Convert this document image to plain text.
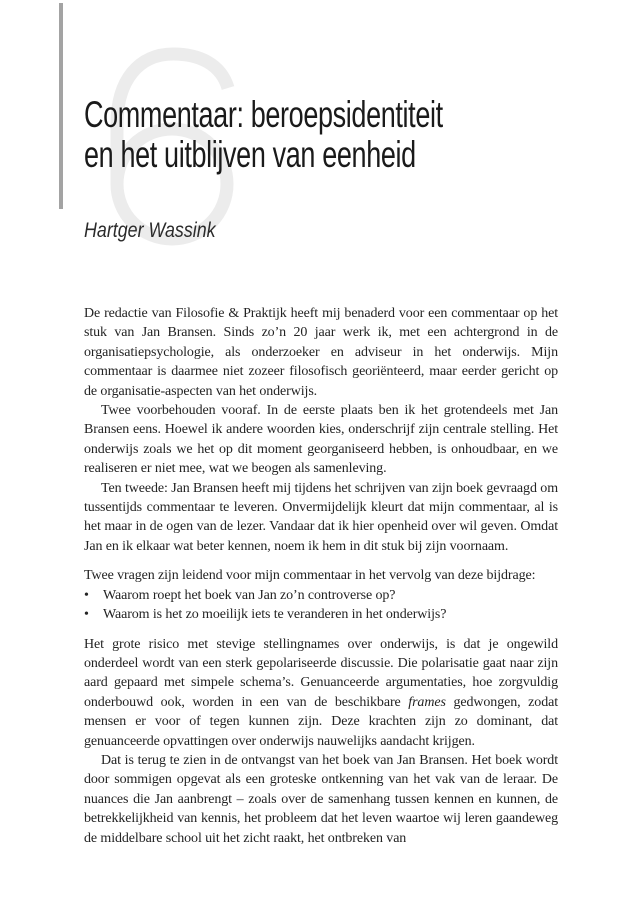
Commentaar: beroepsidentiteit
en het uitblijven van eenheid
Hartger Wassink

De redactie van Filosofie & Praktijk heeft mij benaderd voor een commentaar op het stuk van Jan Bransen. Sinds zo’n 20 jaar werk ik, met een achtergrond in de organisatiepsychologie, als onderzoeker en adviseur in het onderwijs. Mijn commentaar is daarmee niet zozeer filosofisch georiënteerd, maar eerder gericht op de organisatie-aspecten van het onderwijs.

Twee voorbehouden vooraf. In de eerste plaats ben ik het grotendeels met Jan Bransen eens. Hoewel ik andere woorden kies, onderschrijf zijn centrale stelling. Het onderwijs zoals we het op dit moment georganiseerd hebben, is onhoudbaar, en we realiseren er niet mee, wat we beogen als samenleving.

Ten tweede: Jan Bransen heeft mij tijdens het schrijven van zijn boek gevraagd om tussentijds commentaar te leveren. Onvermijdelijk kleurt dat mijn commentaar, al is het maar in de ogen van de lezer. Vandaar dat ik hier openheid over wil geven. Omdat Jan en ik elkaar wat beter kennen, noem ik hem in dit stuk bij zijn voornaam.

Twee vragen zijn leidend voor mijn commentaar in het vervolg van deze bijdrage:

•	Waarom roept het boek van Jan zo’n controverse op?
•	Waarom is het zo moeilijk iets te veranderen in het onderwijs?

Het grote risico met stevige stellingnames over onderwijs, is dat je ongewild onderdeel wordt van een sterk gepolariseerde discussie. Die polarisatie gaat naar zijn aard gepaard met simpele schema’s. Genuanceerde argumentaties, hoe zorgvuldig onderbouwd ook, worden in een van de beschikbare frames gedwongen, zodat mensen er voor of tegen kunnen zijn. Deze krachten zijn zo dominant, dat genuanceerde opvattingen over onderwijs nauwelijks aandacht krijgen.

Dat is terug te zien in de ontvangst van het boek van Jan Bransen. Het boek wordt door sommigen opgevat als een groteske ontkenning van het vak van de leraar. De nuances die Jan aanbrengt – zoals over de samenhang tussen kennen en kunnen, de betrekkelijkheid van kennis, het probleem dat het leven waartoe wij leren gaandeweg de middelbare school uit het zicht raakt, het ontbreken van
